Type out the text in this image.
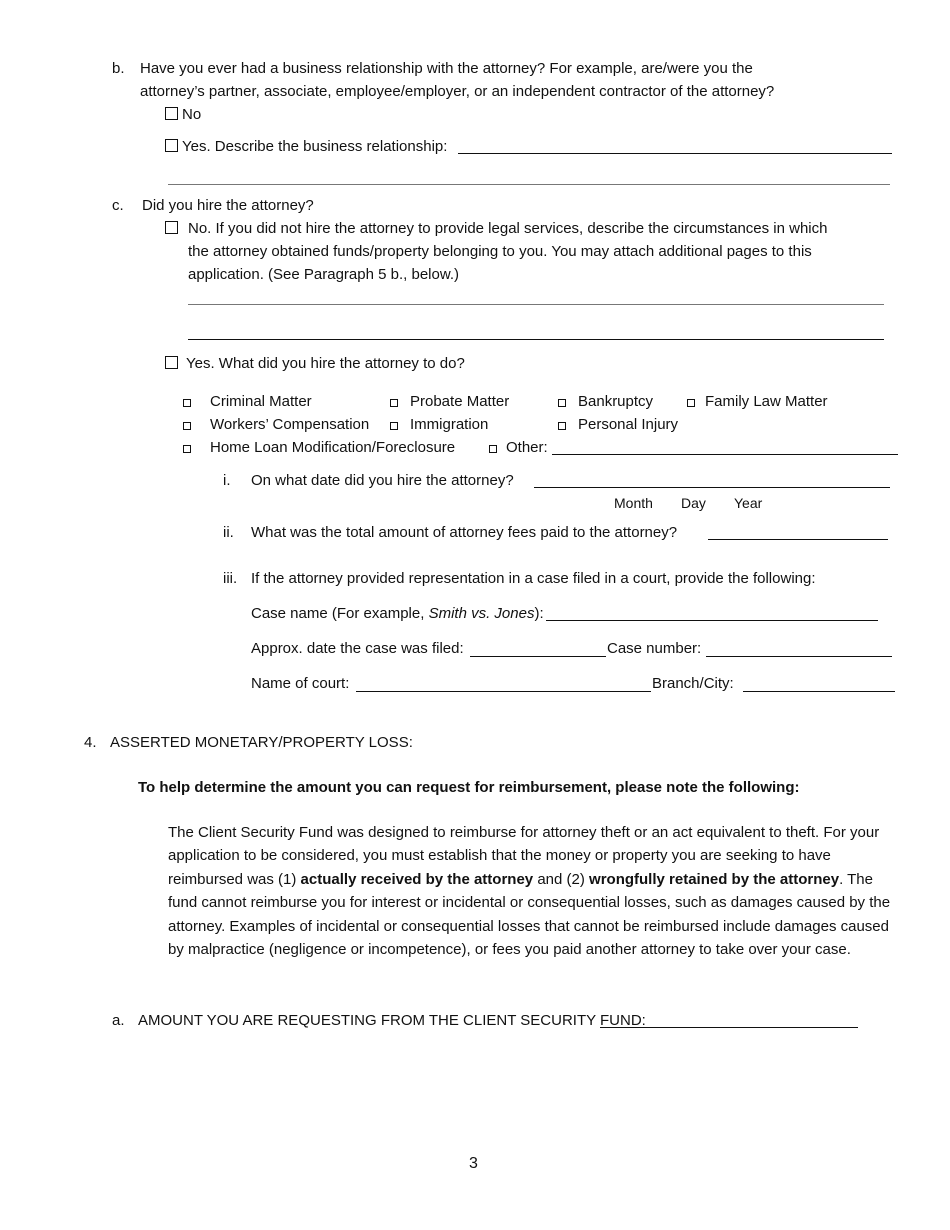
b. Have you ever had a business relationship with the attorney? For example, are/were you the
attorney’s partner, associate, employee/employer, or an independent contractor of the attorney?
No
Yes. Describe the business relationship:
c. Did you hire the attorney?
No. If you did not hire the attorney to provide legal services, describe the circumstances in which
the attorney obtained funds/property belonging to you. You may attach additional pages to this
application. (See Paragraph 5 b., below.)
Yes. What did you hire the attorney to do?
Criminal Matter	Probate Matter	Bankruptcy	Family Law Matter
Workers’ Compensation	Immigration	Personal Injury
Home Loan Modification/Foreclosure	Other:
i. On what date did you hire the attorney?
Month Day Year
ii. What was the total amount of attorney fees paid to the attorney?
iii. If the attorney provided representation in a case filed in a court, provide the following:
Case name (For example, Smith vs. Jones):
Approx. date the case was filed:	Case number:
Name of court:	Branch/City:
4. ASSERTED MONETARY/PROPERTY LOSS:
To help determine the amount you can request for reimbursement, please note the following:
The Client Security Fund was designed to reimburse for attorney theft or an act equivalent to theft. For your application to be considered, you must establish that the money or property you are seeking to have reimbursed was (1) actually received by the attorney and (2) wrongfully retained by the attorney. The fund cannot reimburse you for interest or incidental or consequential losses, such as damages caused by the attorney. Examples of incidental or consequential losses that cannot be reimbursed include damages caused by malpractice (negligence or incompetence), or fees you paid another attorney to take over your case.
a. AMOUNT YOU ARE REQUESTING FROM THE CLIENT SECURITY FUND:
3
